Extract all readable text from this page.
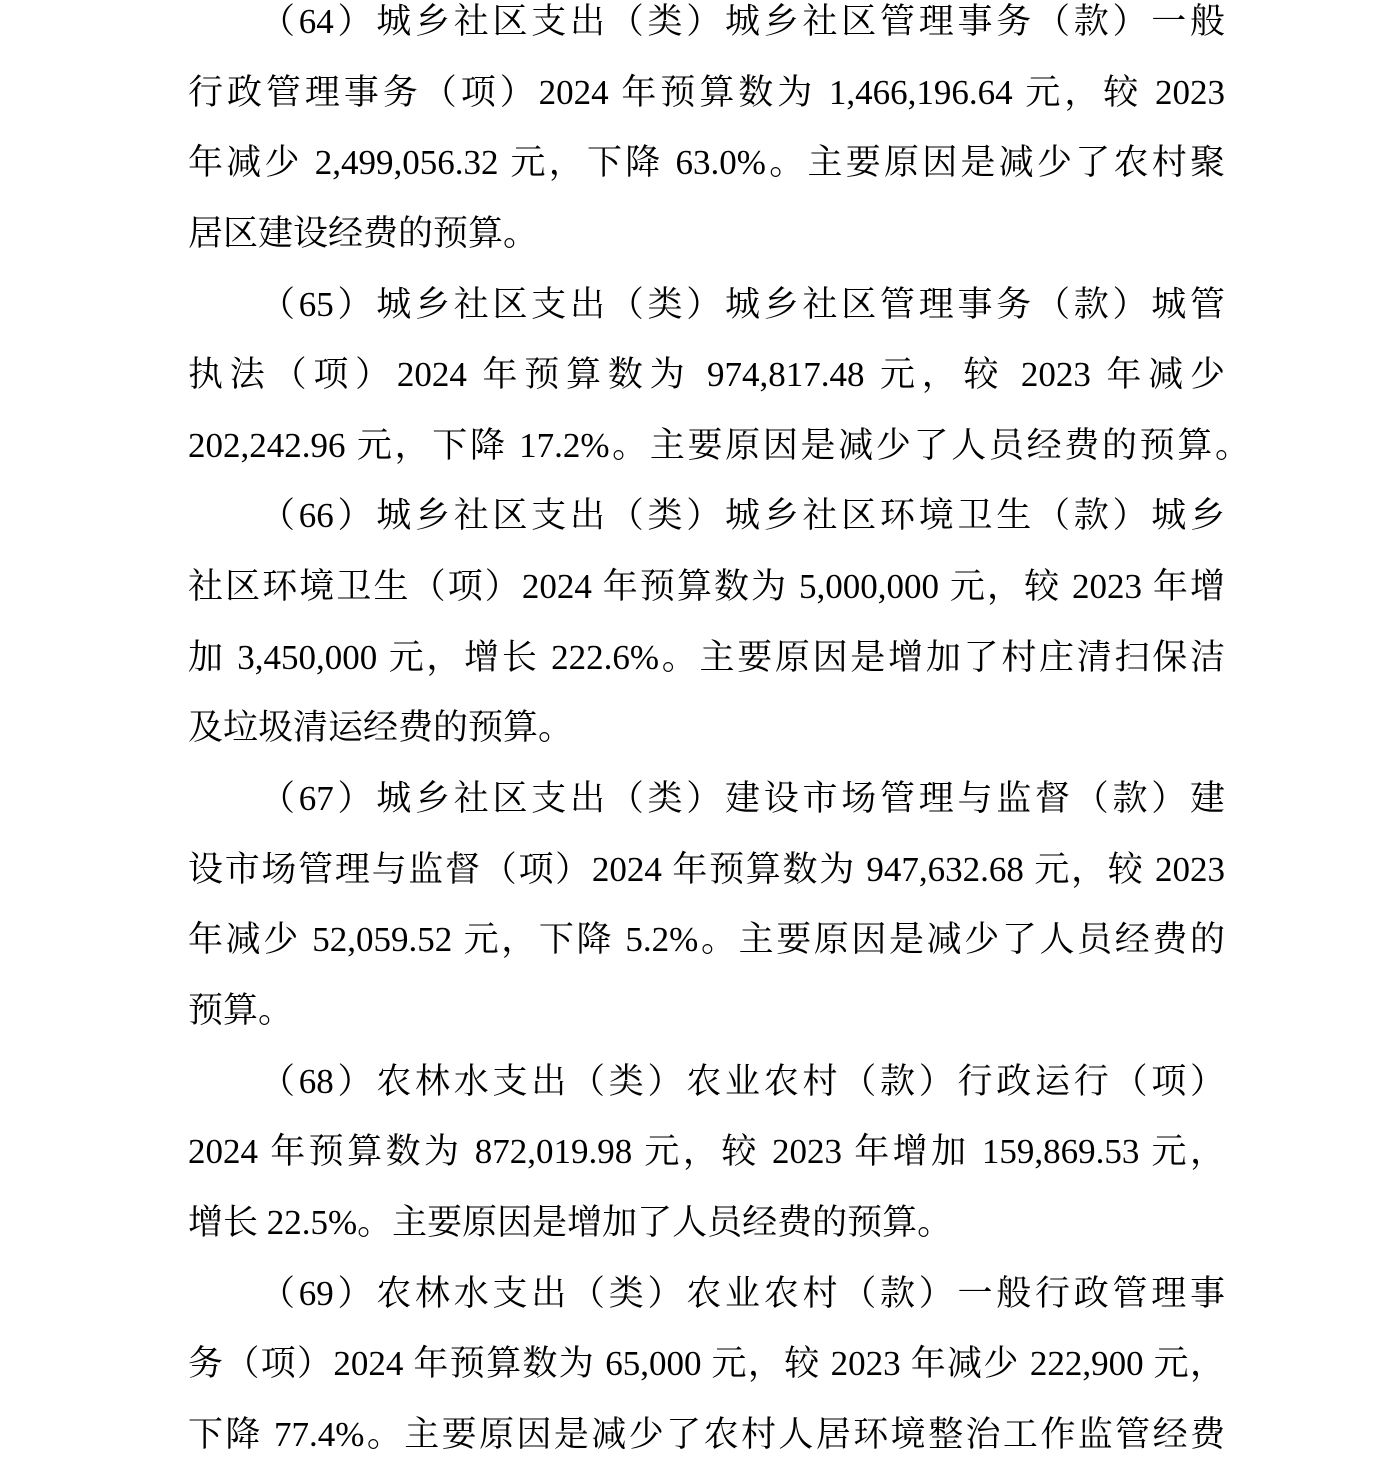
（64）城乡社区支出（类）城乡社区管理事务（款）一般
行政管理事务（项）2024 年预算数为 1,466,196.64 元，较 2023
年减少 2,499,056.32 元，下降 63.0%。主要原因是减少了农村聚
居区建设经费的预算。
（65）城乡社区支出（类）城乡社区管理事务（款）城管
执法（项）2024 年预算数为 974,817.48 元，较 2023 年减少
202,242.96 元，下降 17.2%。主要原因是减少了人员经费的预算。
（66）城乡社区支出（类）城乡社区环境卫生（款）城乡
社区环境卫生（项）2024 年预算数为 5,000,000 元，较 2023 年增
加 3,450,000 元，增长 222.6%。主要原因是增加了村庄清扫保洁
及垃圾清运经费的预算。
（67）城乡社区支出（类）建设市场管理与监督（款）建
设市场管理与监督（项）2024 年预算数为 947,632.68 元，较 2023
年减少 52,059.52 元，下降 5.2%。主要原因是减少了人员经费的
预算。
（68）农林水支出（类）农业农村（款）行政运行（项）
2024 年预算数为 872,019.98 元，较 2023 年增加 159,869.53 元，
增长 22.5%。主要原因是增加了人员经费的预算。
（69）农林水支出（类）农业农村（款）一般行政管理事
务（项）2024 年预算数为 65,000 元，较 2023 年减少 222,900 元，
下降 77.4%。主要原因是减少了农村人居环境整治工作监管经费
